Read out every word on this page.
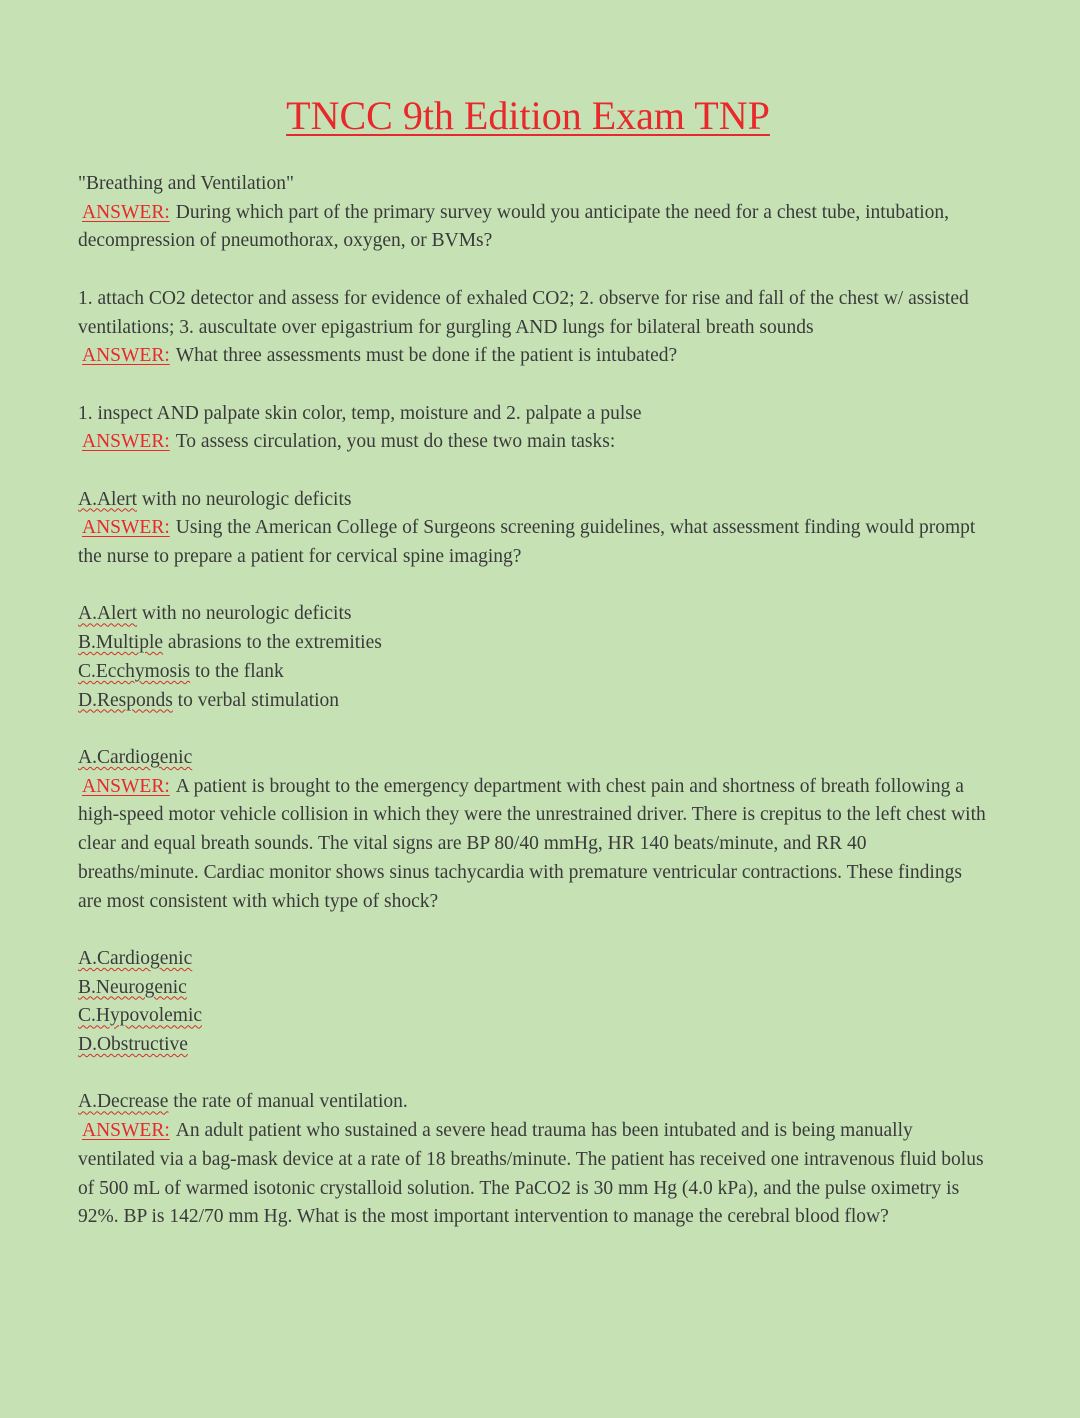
TNCC 9th Edition Exam TNP
"Breathing and Ventilation"
ANSWER: During which part of the primary survey would you anticipate the need for a chest tube, intubation, decompression of pneumothorax, oxygen, or BVMs?
1. attach CO2 detector and assess for evidence of exhaled CO2; 2. observe for rise and fall of the chest w/ assisted ventilations; 3. auscultate over epigastrium for gurgling AND lungs for bilateral breath sounds
ANSWER: What three assessments must be done if the patient is intubated?
1. inspect AND palpate skin color, temp, moisture and 2. palpate a pulse
ANSWER: To assess circulation, you must do these two main tasks:
A.Alert with no neurologic deficits
ANSWER: Using the American College of Surgeons screening guidelines, what assessment finding would prompt the nurse to prepare a patient for cervical spine imaging?
A.Alert with no neurologic deficits
B.Multiple abrasions to the extremities
C.Ecchymosis to the flank
D.Responds to verbal stimulation
A.Cardiogenic
ANSWER: A patient is brought to the emergency department with chest pain and shortness of breath following a high-speed motor vehicle collision in which they were the unrestrained driver. There is crepitus to the left chest with clear and equal breath sounds. The vital signs are BP 80/40 mmHg, HR 140 beats/minute, and RR 40 breaths/minute. Cardiac monitor shows sinus tachycardia with premature ventricular contractions. These findings are most consistent with which type of shock?
A.Cardiogenic
B.Neurogenic
C.Hypovolemic
D.Obstructive
A.Decrease the rate of manual ventilation.
ANSWER: An adult patient who sustained a severe head trauma has been intubated and is being manually ventilated via a bag-mask device at a rate of 18 breaths/minute. The patient has received one intravenous fluid bolus of 500 mL of warmed isotonic crystalloid solution. The PaCO2 is 30 mm Hg (4.0 kPa), and the pulse oximetry is 92%. BP is 142/70 mm Hg. What is the most important intervention to manage the cerebral blood flow?
